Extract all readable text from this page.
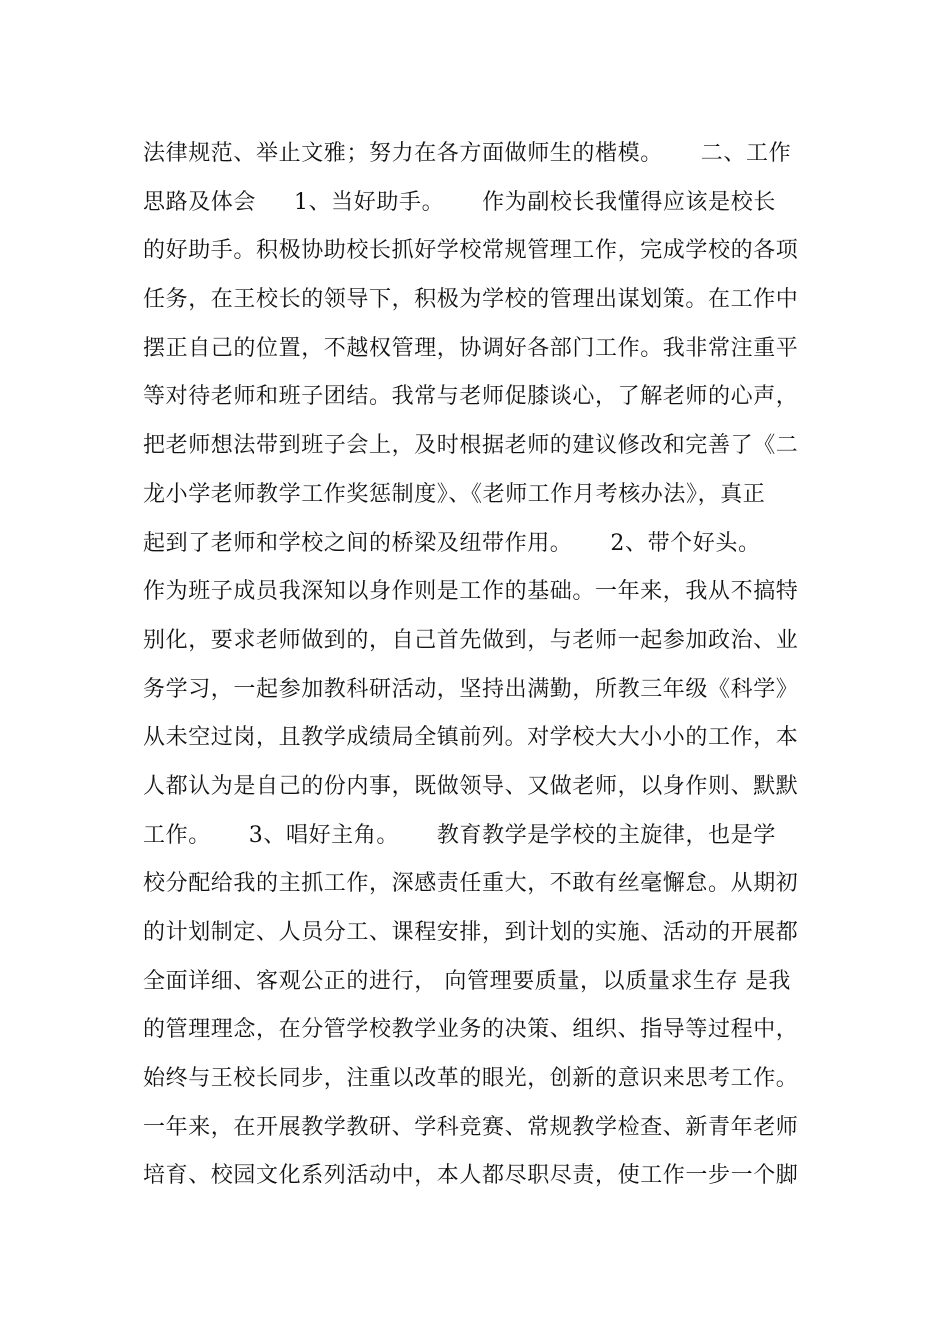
法律规范、举止文雅；努力在各方面做师生的楷模。     二、工作
思路及体会     1、当好助手。     作为副校长我懂得应该是校长
的好助手。积极协助校长抓好学校常规管理工作，完成学校的各项
任务，在王校长的领导下，积极为学校的管理出谋划策。在工作中
摆正自己的位置，不越权管理，协调好各部门工作。我非常注重平
等对待老师和班子团结。我常与老师促膝谈心，了解老师的心声，
把老师想法带到班子会上，及时根据老师的建议修改和完善了《二
龙小学老师教学工作奖惩制度》、《老师工作月考核办法》，真正
起到了老师和学校之间的桥梁及纽带作用。     2、带个好头。
作为班子成员我深知以身作则是工作的基础。一年来，我从不搞特
别化，要求老师做到的，自己首先做到，与老师一起参加政治、业
务学习，一起参加教科研活动，坚持出满勤，所教三年级《科学》
从未空过岗，且教学成绩局全镇前列。对学校大大小小的工作，本
人都认为是自己的份内事，既做领导、又做老师，以身作则、默默
工作。     3、唱好主角。     教育教学是学校的主旋律，也是学
校分配给我的主抓工作，深感责任重大，不敢有丝毫懈怠。从期初
的计划制定、人员分工、课程安排，到计划的实施、活动的开展都
全面详细、客观公正的进行， 向管理要质量，以质量求生存 是我
的管理理念，在分管学校教学业务的决策、组织、指导等过程中，
始终与王校长同步，注重以改革的眼光，创新的意识来思考工作。
一年来，在开展教学教研、学科竞赛、常规教学检查、新青年老师
培育、校园文化系列活动中，本人都尽职尽责，使工作一步一个脚
